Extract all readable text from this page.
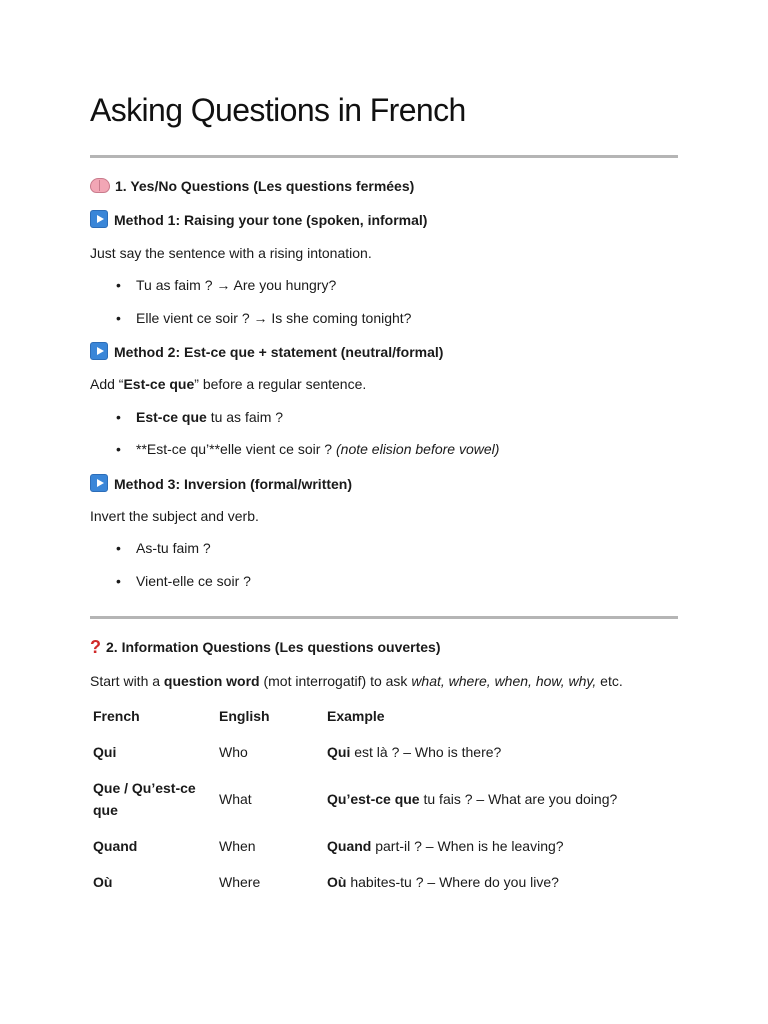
Asking Questions in French
1. Yes/No Questions (Les questions fermées)
Method 1: Raising your tone (spoken, informal)
Just say the sentence with a rising intonation.
• Tu as faim ? → Are you hungry?
• Elle vient ce soir ? → Is she coming tonight?
Method 2: Est-ce que + statement (neutral/formal)
Add “Est-ce que” before a regular sentence.
• Est-ce que tu as faim ?
• **Est-ce qu’**elle vient ce soir ? (note elision before vowel)
Method 3: Inversion (formal/written)
Invert the subject and verb.
• As-tu faim ?
• Vient-elle ce soir ?
? 2. Information Questions (Les questions ouvertes)
Start with a question word (mot interrogatif) to ask what, where, when, how, why, etc.
French	English	Example
Qui	Who	Qui est là ? – Who is there?
Que / Qu’est-ce
que
What	Qu’est-ce que tu fais ? – What are you doing?
Quand	When	Quand part-il ? – When is he leaving?
Où	Where	Où habites-tu ? – Where do you live?
